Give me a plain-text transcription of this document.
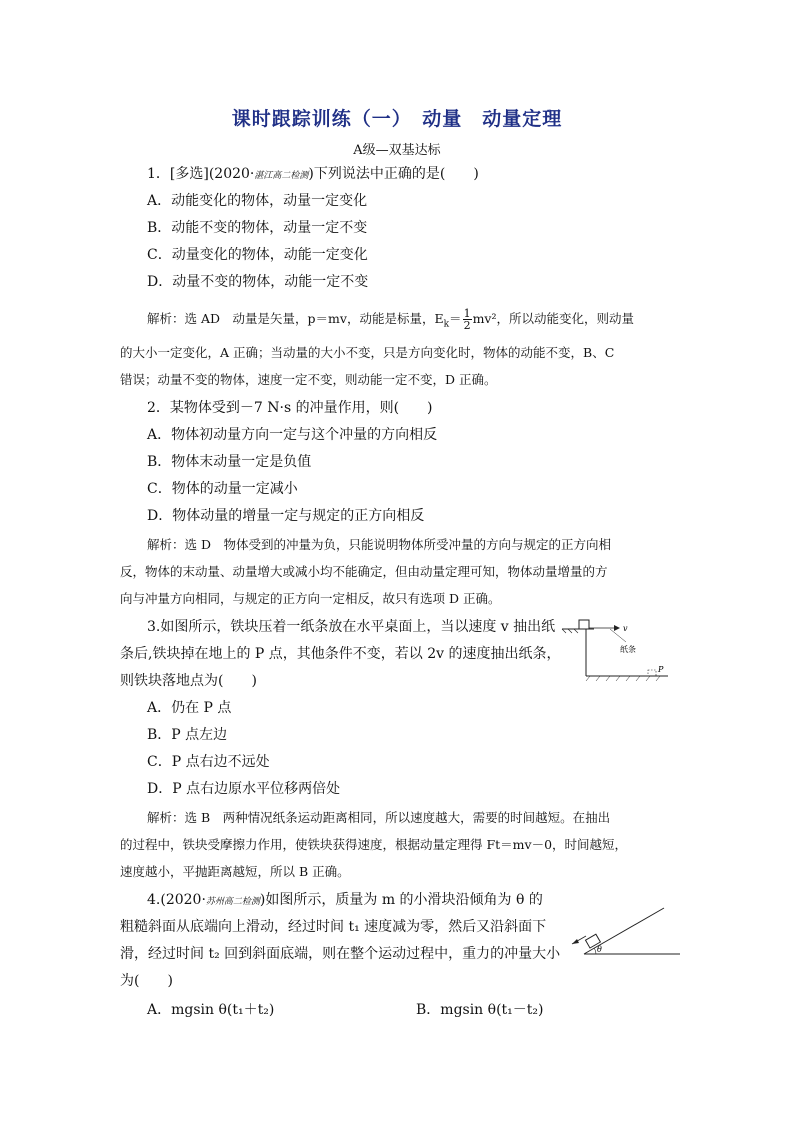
课时跟踪训练（一）　动量　动量定理
A级—双基达标
1．[多选](2020·湛江高二检测)下列说法中正确的是(　　)
A．动能变化的物体，动量一定变化
B．动能不变的物体，动量一定不变
C．动量变化的物体，动能一定变化
D．动量不变的物体，动能一定不变
解析：选 AD　动量是矢量，p＝mv，动能是标量，$E_k= \frac{1}{2} mv^2$，所以动能变化，则动量
的大小一定变化，A 正确；当动量的大小不变，只是方向变化时，物体的动能不变，B、C
错误；动量不变的物体，速度一定不变，则动能一定不变，D 正确。
2．某物体受到－7 N·s 的冲量作用，则(　　)
A．物体初动量方向一定与这个冲量的方向相反
B．物体末动量一定是负值
C．物体的动量一定减小
D．物体动量的增量一定与规定的正方向相反
解析：选 D　物体受到的冲量为负，只能说明物体所受冲量的方向与规定的正方向相
反，物体的末动量、动量增大或减小均不能确定，但由动量定理可知，物体动量增量的方
向与冲量方向相同，与规定的正方向一定相反，故只有选项 D 正确。
3.如图所示，铁块压着一纸条放在水平桌面上，当以速度 v 抽出纸
条后,铁块掉在地上的 P 点，其他条件不变，若以 2v 的速度抽出纸条，
则铁块落地点为(　　)
v
纸条
P
A．仍在 P 点
B．P 点左边
C．P 点右边不远处
D．P 点右边原水平位移两倍处
解析：选 B　两种情况纸条运动距离相同，所以速度越大，需要的时间越短。在抽出
的过程中，铁块受摩擦力作用，使铁块获得速度，根据动量定理得 Ft＝mv－0，时间越短，
速度越小，平抛距离越短，所以 B 正确。
4.(2020·苏州高二检测)如图所示，质量为 m 的小滑块沿倾角为 θ 的
粗糙斜面从底端向上滑动，经过时间 t₁ 速度减为零，然后又沿斜面下
滑，经过时间 t₂ 回到斜面底端，则在整个运动过程中，重力的冲量大小
为(　　)
θ
A．mgsin θ(t₁＋t₂)	B．mgsin θ(t₁－t₂)
